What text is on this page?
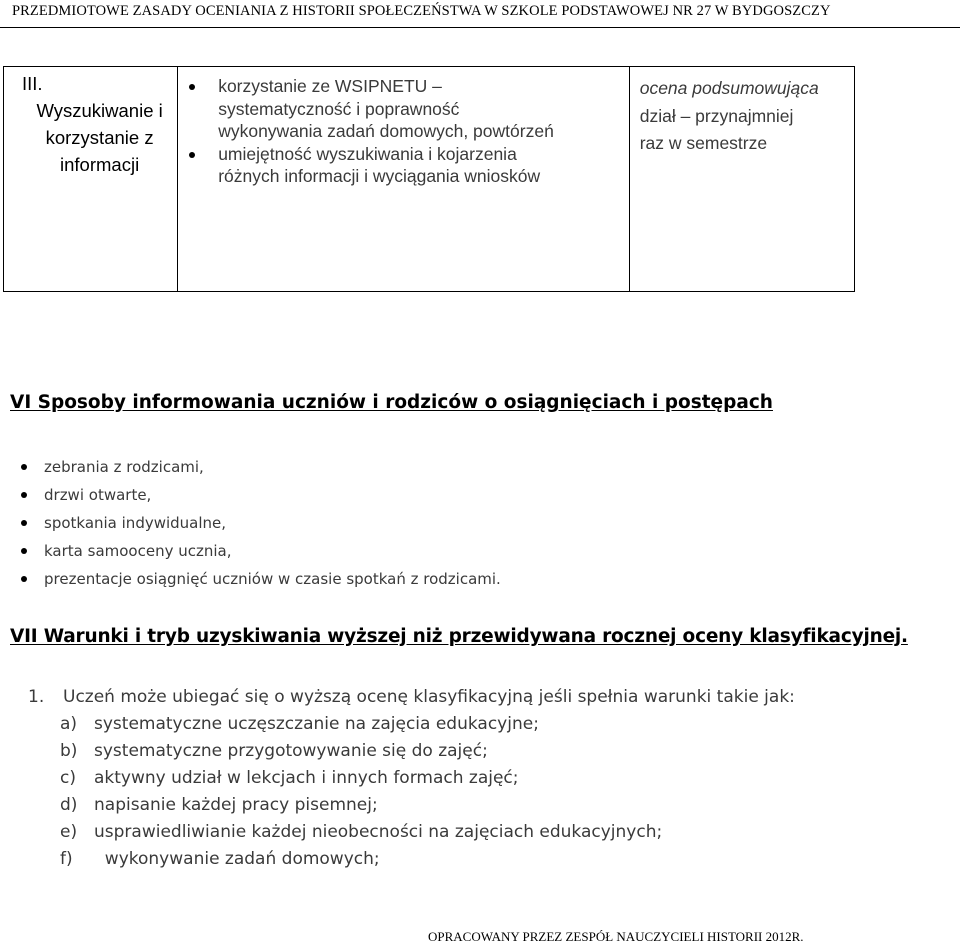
PRZEDMIOTOWE ZASADY OCENIANIA Z HISTORII SPOŁECZEŃSTWA W SZKOLE PODSTAWOWEJ NR 27 W BYDGOSZCZY
III.
Wyszukiwanie i
korzystanie z
informacji

korzystanie ze WSIPNETU –
systematyczność i poprawność
wykonywania zadań domowych, powtórzeń
umiejętność wyszukiwania i kojarzenia
różnych informacji i wyciągania wniosków

ocena podsumowująca
dział – przynajmniej
raz w semestrze
VI Sposoby informowania uczniów i rodziców o osiągnięciach i postępach
zebrania z rodzicami,
drzwi otwarte,
spotkania indywidualne,
karta samooceny ucznia,
prezentacje osiągnięć uczniów w czasie spotkań z rodzicami.
VII Warunki i tryb uzyskiwania wyższej niż przewidywana rocznej oceny klasyfikacyjnej.
1. Uczeń może ubiegać się o wyższą ocenę klasyfikacyjną jeśli spełnia warunki takie jak:
a) systematyczne uczęszczanie na zajęcia edukacyjne;
b) systematyczne przygotowywanie się do zajęć;
c) aktywny udział w lekcjach i innych formach zajęć;
d) napisanie każdej pracy pisemnej;
e) usprawiedliwianie każdej nieobecności na zajęciach edukacyjnych;
f) wykonywanie zadań domowych;
OPRACOWANY PRZEZ ZESPÓŁ NAUCZYCIELI HISTORII 2012R.
